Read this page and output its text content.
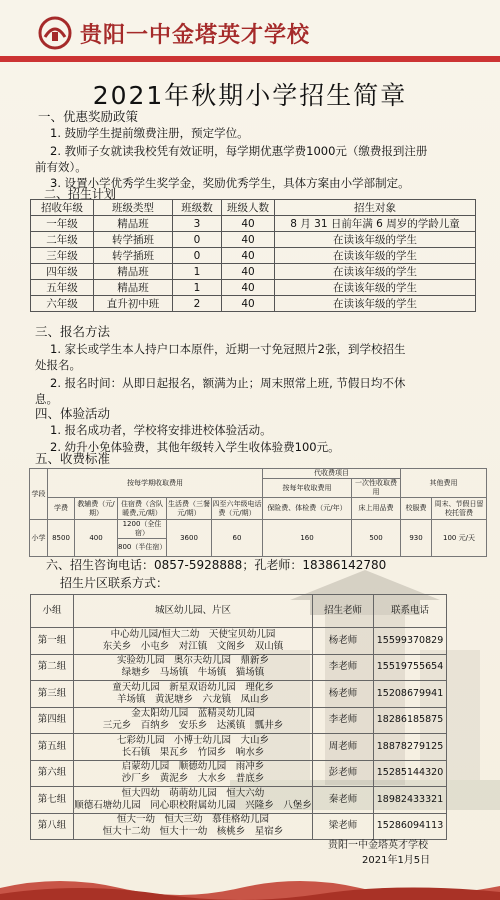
贵阳一中金塔英才学校
2021年秋期小学招生简章
一、优惠奖励政策
1. 鼓励学生提前缴费注册，预定学位。
2. 教师子女就读我校凭有效证明，每学期优惠学费1000元（缴费报到注册
前有效）。
3. 设置小学优秀学生奖学金，奖励优秀学生，具体方案由小学部制定。
二、招生计划
招收年级	班级类型	班级数	班级人数	招生对象
一年级	精品班	3	40	8 月 31 日前年满 6 周岁的学龄儿童
二年级	转学插班	0	40	在读该年级的学生
三年级	转学插班	0	40	在读该年级的学生
四年级	精品班	1	40	在读该年级的学生
五年级	精品班	1	40	在读该年级的学生
六年级	直升初中班	2	40	在读该年级的学生
三、报名方法
1. 家长或学生本人持户口本原件，近期一寸免冠照片2张，到学校招生
处报名。
2. 报名时间：从即日起报名，额满为止；周末照常上班, 节假日均不休
息。
四、体验活动
1. 报名成功者，学校将安排进校体验活动。
2. 幼升小免体验费，其他年级转入学生收体验费100元。
五、收费标准
学段	按每学期收取费用					代收费项目		其他费用	
						按每年收取费用	一次性收取费用		
	学费	教辅费（元/期）	住宿费（含队暖费,元/期）	生活费（三餐 元/期）	四至六年级电话费（元/期）	保险费、体检费（元/年）	床上用品费	校服费	周末、节假日留校托管费
小学	8500	400	1200（全住宿）	3600	60	160	500	930	100 元/天
			800（半住宿）						
六、招生咨询电话：0857-5928888；孔老师：18386142780
招生片区联系方式：
小组	城区幼儿园、片区	招生老师	联系电话
第一组	中心幼儿园/恒大二幼　天使宝贝幼儿园
东关乡　小屯乡　对江镇　文阁乡　双山镇	杨老师	15599370829
第二组	实验幼儿园　奥尔夫幼儿园　鼎新乡
绿塘乡　马场镇　牛场镇　猫场镇	李老师	15519755654
第三组	童天幼儿园　新星双语幼儿园　理化乡
羊场镇　黄泥塘乡　六龙镇　凤山乡	杨老师	15208679941
第四组	金太阳幼儿园　蓝精灵幼儿园
三元乡　百纳乡　安乐乡　达溪镇　瓢井乡	李老师	18286185875
第五组	七彩幼儿园　小博士幼儿园　大山乡
长石镇　果瓦乡　竹园乡　响水乡	周老师	18878279125
第六组	启蒙幼儿园　顺德幼儿园　雨冲乡
沙厂乡　黄泥乡　大水乡　普底乡	彭老师	15285144320
第七组	恒大四幼　萌萌幼儿园　恒大六幼
顺德石塘幼儿园　同心职校附属幼儿园　兴隆乡　八堡乡	秦老师	18982433321
第八组	恒大一幼　恒大三幼　慕佳格幼儿园
恒大十二幼　恒大十一幼　核桃乡　星宿乡	梁老师	15286094113
贵阳一中金塔英才学校
2021年1月5日
